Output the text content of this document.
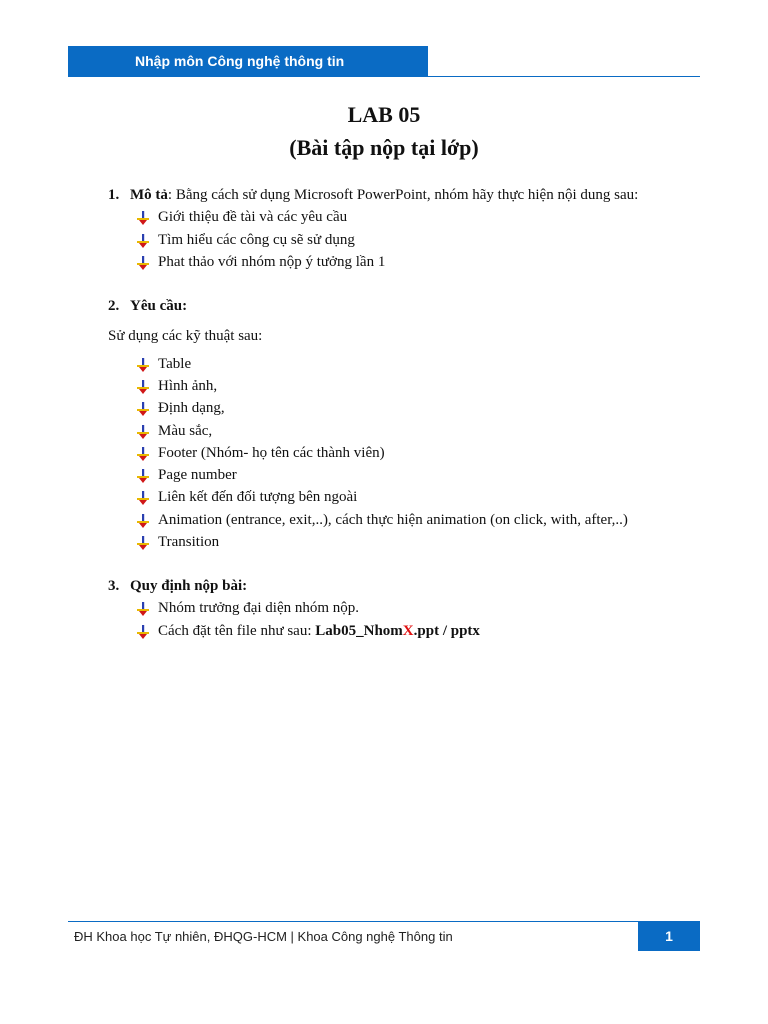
Nhập môn Công nghệ thông tin
LAB 05
(Bài tập nộp tại lớp)
1. Mô tả: Bằng cách sử dụng Microsoft PowerPoint, nhóm hãy thực hiện nội dung sau:
Giới thiệu đề tài và các yêu cầu
Tìm hiểu các công cụ sẽ sử dụng
Phat thảo với nhóm nộp ý tưởng lần 1
2. Yêu cầu:
Sử dụng các kỹ thuật sau:
Table
Hình ảnh,
Định dạng,
Màu sắc,
Footer (Nhóm- họ tên các thành viên)
Page number
Liên kết đến đối tượng bên ngoài
Animation (entrance, exit,..), cách thực hiện animation (on click, with, after,..)
Transition
3. Quy định nộp bài:
Nhóm trưởng đại diện nhóm nộp.
Cách đặt tên file như sau: Lab05_NhomX.ppt / pptx
ĐH Khoa học Tự nhiên, ĐHQG-HCM | Khoa Công nghệ Thông tin	1
